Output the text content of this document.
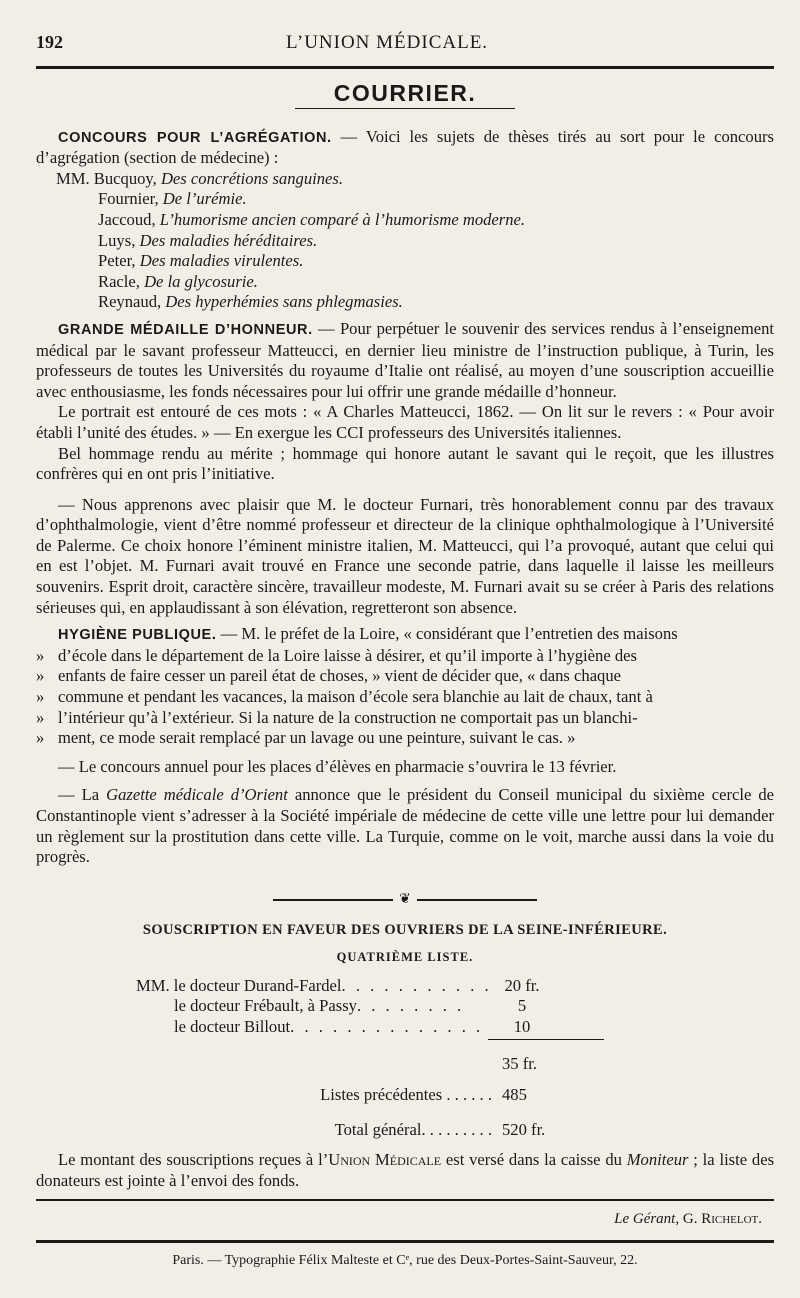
192	L’UNION MÉDICALE.
COURRIER.

CONCOURS POUR L’AGRÉGATION. — Voici les sujets de thèses tirés au sort pour le concours d’agrégation (section de médecine) :

MM. Bucquoy, Des concrétions sanguines.
Fournier, De l’urémie.
Jaccoud, L’humorisme ancien comparé à l’humorisme moderne.
Luys, Des maladies héréditaires.
Peter, Des maladies virulentes.
Racle, De la glycosurie.
Reynaud, Des hyperhémies sans phlegmasies.

GRANDE MÉDAILLE D’HONNEUR. — Pour perpétuer le souvenir des services rendus à l’enseignement médical par le savant professeur Matteucci, en dernier lieu ministre de l’instruction publique, à Turin, les professeurs de toutes les Universités du royaume d’Italie ont réalisé, au moyen d’une souscription accueillie avec enthousiasme, les fonds nécessaires pour lui offrir une grande médaille d’honneur.

Le portrait est entouré de ces mots : « A Charles Matteucci, 1862. — On lit sur le revers : « Pour avoir établi l’unité des études. » — En exergue les CCI professeurs des Universités italiennes.

Bel hommage rendu au mérite ; hommage qui honore autant le savant qui le reçoit, que les illustres confrères qui en ont pris l’initiative.

— Nous apprenons avec plaisir que M. le docteur Furnari, très honorablement connu par des travaux d’ophthalmologie, vient d’être nommé professeur et directeur de la clinique ophthalmologique à l’Université de Palerme. Ce choix honore l’éminent ministre italien, M. Matteucci, qui l’a provoqué, autant que celui qui en est l’objet. M. Furnari avait trouvé en France une seconde patrie, dans laquelle il laisse les meilleurs souvenirs. Esprit droit, caractère sincère, travailleur modeste, M. Furnari avait su se créer à Paris des relations sérieuses qui, en applaudissant à son élévation, regretteront son absence.

HYGIÈNE PUBLIQUE. — M. le préfet de la Loire, « considérant que l’entretien des maisons

» d’école dans le département de la Loire laisse à désirer, et qu’il importe à l’hygiène des
» enfants de faire cesser un pareil état de choses, » vient de décider que, « dans chaque
» commune et pendant les vacances, la maison d’école sera blanchie au lait de chaux, tant à
» l’intérieur qu’à l’extérieur. Si la nature de la construction ne comportait pas un blanchi-
» ment, ce mode serait remplacé par un lavage ou une peinture, suivant le cas. »

— Le concours annuel pour les places d’élèves en pharmacie s’ouvrira le 13 février.

— La Gazette médicale d’Orient annonce que le président du Conseil municipal du sixième cercle de Constantinople vient s’adresser à la Société impériale de médecine de cette ville une lettre pour lui demander un règlement sur la prostitution dans cette ville. La Turquie, comme on le voit, marche aussi dans la voie du progrès.

❦
SOUSCRIPTION EN FAVEUR DES OUVRIERS DE LA SEINE-INFÉRIEURE.
QUATRIÈME LISTE.
MM. le docteur Durand-Fardel. . . . . . . . . . . 20 fr.
le docteur Frébault, à Passy. . . . . . . .	5
le docteur Billout. . . . . . . . . . . . . .	10
35 fr.
Listes précédentes . . . . . . 485
Total général. . . . . . . . . 520 fr.

Le montant des souscriptions reçues à l’Union Médicale est versé dans la caisse du Moniteur ; la liste des donateurs est jointe à l’envoi des fonds.

Le Gérant, G. Richelot.
Paris. — Typographie Félix Malteste et Cᵉ, rue des Deux-Portes-Saint-Sauveur, 22.
